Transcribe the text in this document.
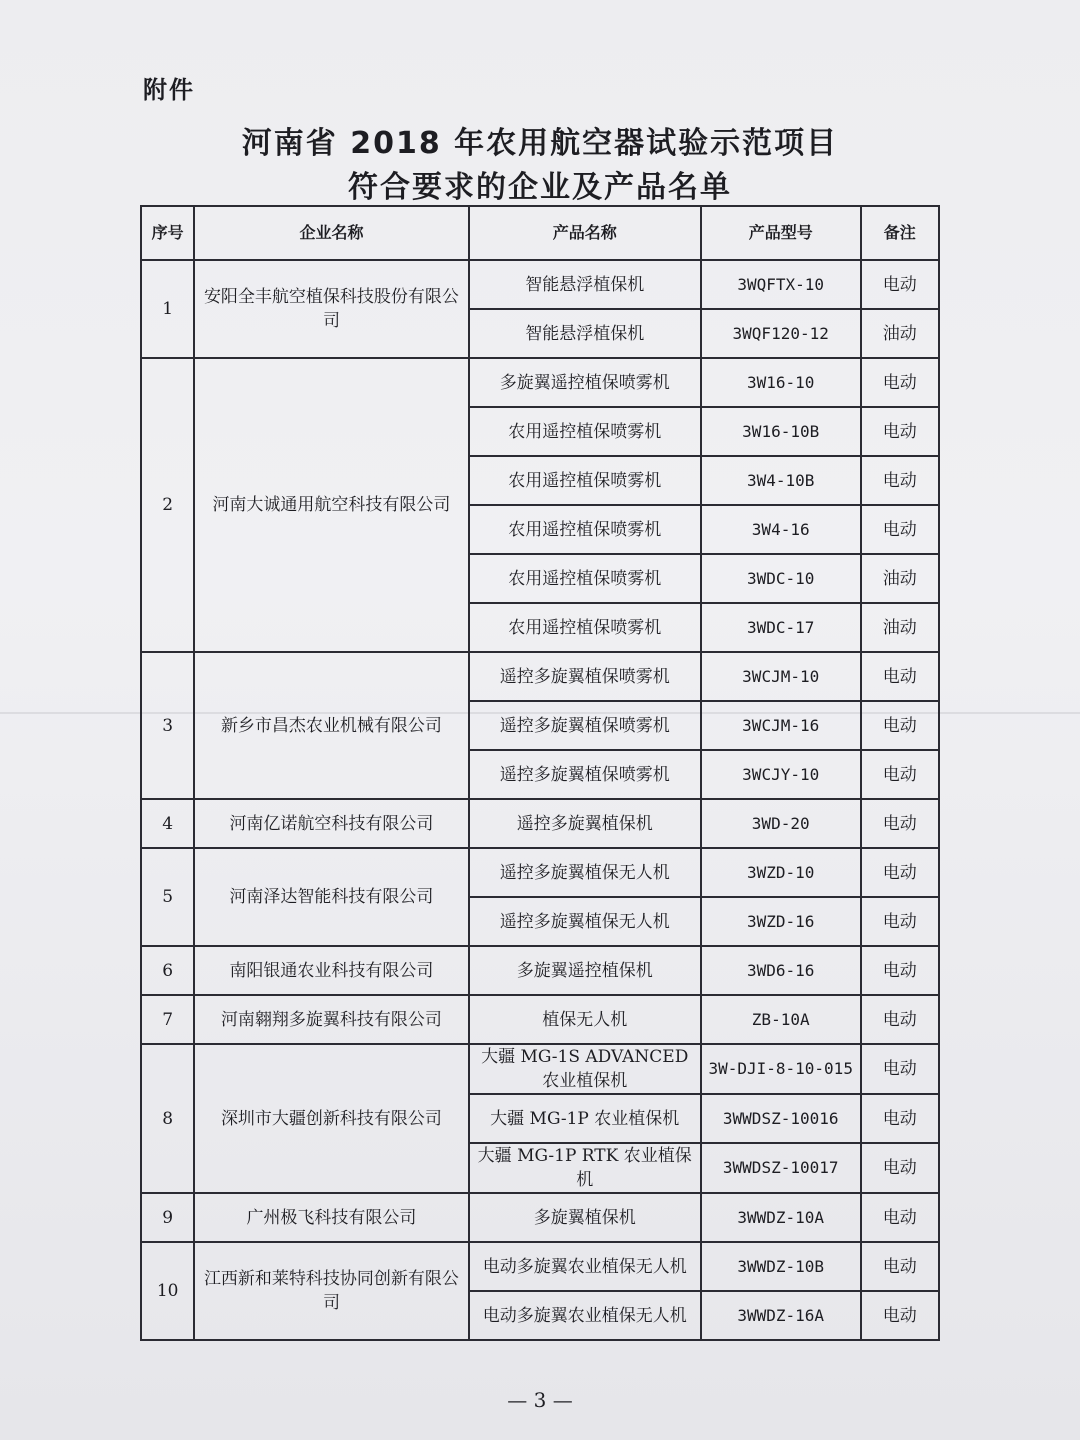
附件
河南省 2018 年农用航空器试验示范项目
符合要求的企业及产品名单
序号	企业名称	产品名称	产品型号	备注
1	安阳全丰航空植保科技股份有限公司	智能悬浮植保机	3WQFTX-10	电动
		智能悬浮植保机	3WQF120-12	油动
2	河南大诚通用航空科技有限公司	多旋翼遥控植保喷雾机	3W16-10	电动
		农用遥控植保喷雾机	3W16-10B	电动
		农用遥控植保喷雾机	3W4-10B	电动
		农用遥控植保喷雾机	3W4-16	电动
		农用遥控植保喷雾机	3WDC-10	油动
		农用遥控植保喷雾机	3WDC-17	油动
3	新乡市昌杰农业机械有限公司	遥控多旋翼植保喷雾机	3WCJM-10	电动
		遥控多旋翼植保喷雾机	3WCJM-16	电动
		遥控多旋翼植保喷雾机	3WCJY-10	电动
4	河南亿诺航空科技有限公司	遥控多旋翼植保机	3WD-20	电动
5	河南泽达智能科技有限公司	遥控多旋翼植保无人机	3WZD-10	电动
		遥控多旋翼植保无人机	3WZD-16	电动
6	南阳银通农业科技有限公司	多旋翼遥控植保机	3WD6-16	电动
7	河南翱翔多旋翼科技有限公司	植保无人机	ZB-10A	电动
8	深圳市大疆创新科技有限公司	大疆 MG-1S ADVANCED 农业植保机	3W-DJI-8-10-015	电动
		大疆 MG-1P 农业植保机	3WWDSZ-10016	电动
		大疆 MG-1P RTK 农业植保机	3WWDSZ-10017	电动
9	广州极飞科技有限公司	多旋翼植保机	3WWDZ-10A	电动
10	江西新和莱特科技协同创新有限公司	电动多旋翼农业植保无人机	3WWDZ-10B	电动
		电动多旋翼农业植保无人机	3WWDZ-16A	电动
— 3 —
